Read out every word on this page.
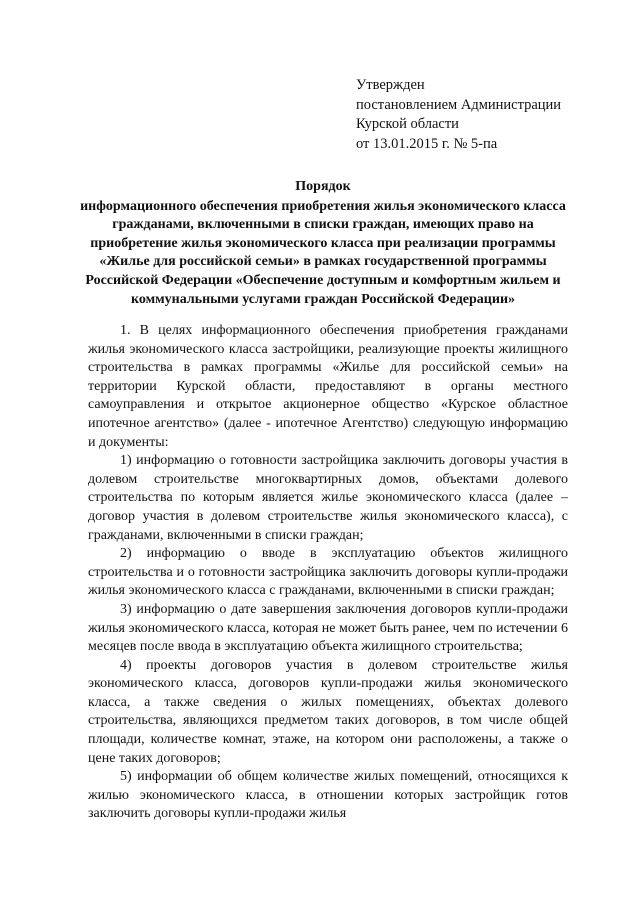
Утвержден
постановлением Администрации
Курской области
от 13.01.2015 г. № 5-па
Порядок
информационного обеспечения приобретения жилья экономического класса гражданами, включенными в списки граждан, имеющих право на приобретение жилья экономического класса при реализации программы «Жилье для российской семьи» в рамках государственной программы Российской Федерации «Обеспечение доступным и комфортным жильем и коммунальными услугами граждан Российской Федерации»

1. В целях информационного обеспечения приобретения гражданами жилья экономического класса застройщики, реализующие проекты жилищного строительства в рамках программы «Жилье для российской семьи» на территории Курской области, предоставляют в органы местного самоуправления и открытое акционерное общество «Курское областное ипотечное агентство» (далее - ипотечное Агентство) следующую информацию и документы:

1) информацию о готовности застройщика заключить договоры участия в долевом строительстве многоквартирных домов, объектами долевого строительства по которым является жилье экономического класса (далее – договор участия в долевом строительстве жилья экономического класса), с гражданами, включенными в списки граждан;

2) информацию о вводе в эксплуатацию объектов жилищного строительства и о готовности застройщика заключить договоры купли-продажи жилья экономического класса с гражданами, включенными в списки граждан;

3) информацию о дате завершения заключения договоров купли-продажи жилья экономического класса, которая не может быть ранее, чем по истечении 6 месяцев после ввода в эксплуатацию объекта жилищного строительства;

4) проекты договоров участия в долевом строительстве жилья экономического класса, договоров купли-продажи жилья экономического класса, а также сведения о жилых помещениях, объектах долевого строительства, являющихся предметом таких договоров, в том числе общей площади, количестве комнат, этаже, на котором они расположены, а также о цене таких договоров;

5) информации об общем количестве жилых помещений, относящихся к жилью экономического класса, в отношении которых застройщик готов заключить договоры купли-продажи жилья
